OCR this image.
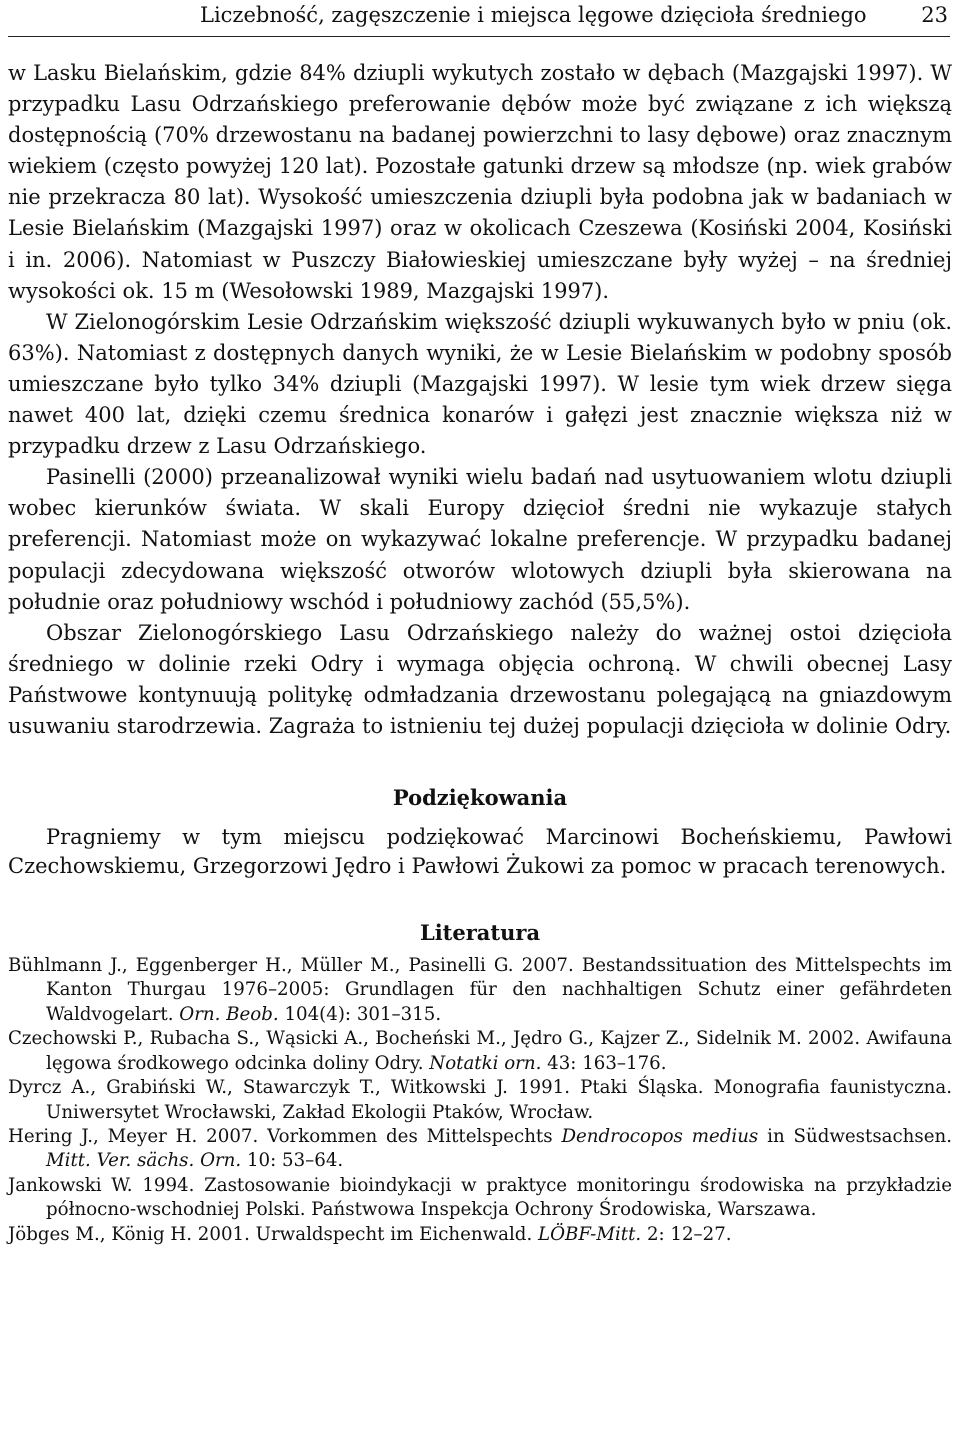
Liczebność, zagęszczenie i miejsca lęgowe dzięcioła średniego	23

w Lasku Bielańskim, gdzie 84% dziupli wykutych zostało w dębach (Mazgajski 1997). W przypadku Lasu Odrzańskiego preferowanie dębów może być związane z ich większą dostępnością (70% drzewostanu na badanej powierzchni to lasy dębowe) oraz znacznym wiekiem (często powyżej 120 lat). Pozostałe gatunki drzew są młodsze (np. wiek grabów nie przekracza 80 lat). Wysokość umieszczenia dziupli była podobna jak w badaniach w Lesie Bielańskim (Mazgajski 1997) oraz w okolicach Czeszewa (Kosiński 2004, Kosiński i in. 2006). Natomiast w Puszczy Białowieskiej umieszczane były wyżej – na średniej wysokości ok. 15 m (Wesołowski 1989, Mazgajski 1997).

W Zielonogórskim Lesie Odrzańskim większość dziupli wykuwanych było w pniu (ok. 63%). Natomiast z dostępnych danych wyniki, że w Lesie Bielańskim w podobny sposób umieszczane było tylko 34% dziupli (Mazgajski 1997). W lesie tym wiek drzew sięga nawet 400 lat, dzięki czemu średnica konarów i gałęzi jest znacznie większa niż w przypadku drzew z Lasu Odrzańskiego.

Pasinelli (2000) przeanalizował wyniki wielu badań nad usytuowaniem wlotu dziupli wobec kierunków świata. W skali Europy dzięcioł średni nie wykazuje stałych preferencji. Natomiast może on wykazywać lokalne preferencje. W przypadku badanej populacji zdecydowana większość otworów wlotowych dziupli była skierowana na południe oraz południowy wschód i południowy zachód (55,5%).

Obszar Zielonogórskiego Lasu Odrzańskiego należy do ważnej ostoi dzięcioła średniego w dolinie rzeki Odry i wymaga objęcia ochroną. W chwili obecnej Lasy Państwowe kontynuują politykę odmładzania drzewostanu polegającą na gniazdowym usuwaniu starodrzewia. Zagraża to istnieniu tej dużej populacji dzięcioła w dolinie Odry.

Podziękowania

Pragniemy w tym miejscu podziękować Marcinowi Bocheńskiemu, Pawłowi Czechowskiemu, Grzegorzowi Jędro i Pawłowi Żukowi za pomoc w pracach terenowych.

Literatura
Bühlmann J., Eggenberger H., Müller M., Pasinelli G. 2007. Bestandssituation des Mittelspechts im Kanton Thurgau 1976–2005: Grundlagen für den nachhaltigen Schutz einer gefährdeten Waldvogelart. Orn. Beob. 104(4): 301–315.
Czechowski P., Rubacha S., Wąsicki A., Bocheński M., Jędro G., Kajzer Z., Sidelnik M. 2002. Awifauna lęgowa środkowego odcinka doliny Odry. Notatki orn. 43: 163–176.
Dyrcz A., Grabiński W., Stawarczyk T., Witkowski J. 1991. Ptaki Śląska. Monografia faunistyczna. Uniwersytet Wrocławski, Zakład Ekologii Ptaków, Wrocław.
Hering J., Meyer H. 2007. Vorkommen des Mittelspechts Dendrocopos medius in Südwestsachsen. Mitt. Ver. sächs. Orn. 10: 53–64.
Jankowski W. 1994. Zastosowanie bioindykacji w praktyce monitoringu środowiska na przykładzie północno-wschodniej Polski. Państwowa Inspekcja Ochrony Środowiska, Warszawa.
Jöbges M., König H. 2001. Urwaldspecht im Eichenwald. LÖBF-Mitt. 2: 12–27.
